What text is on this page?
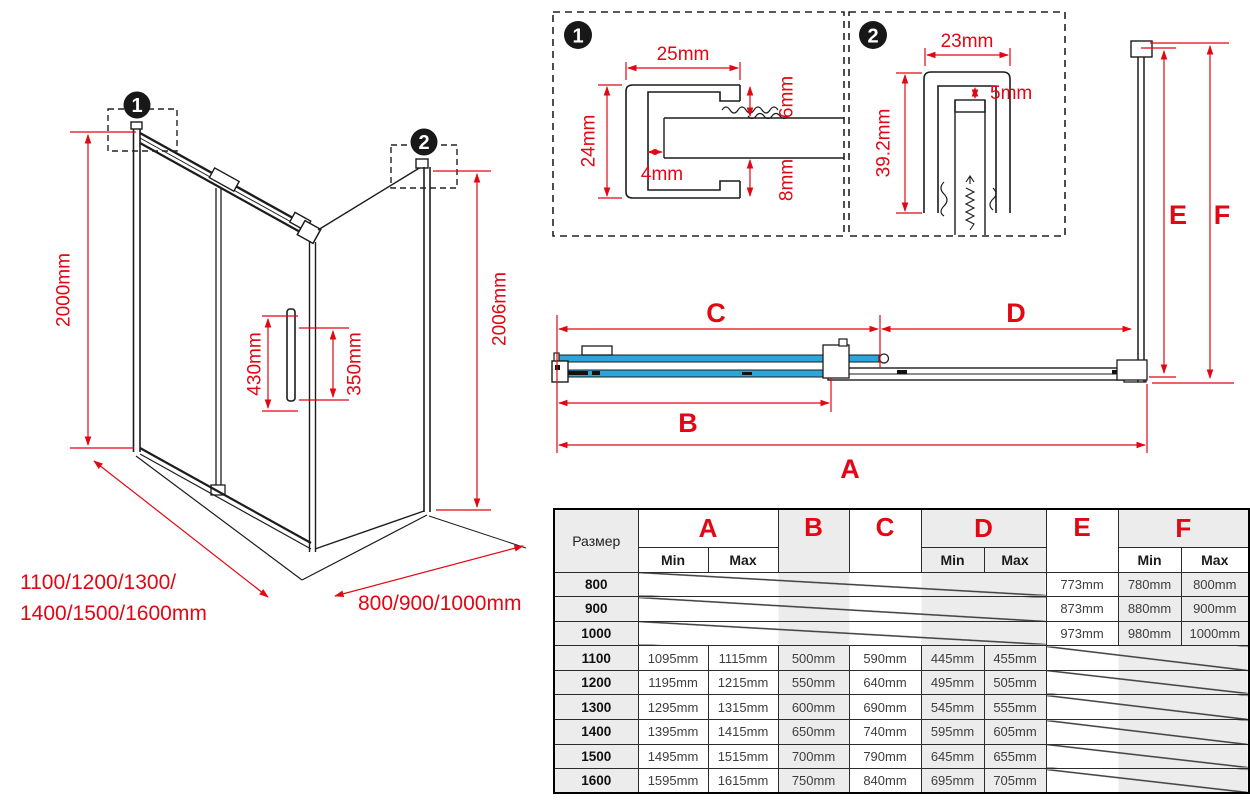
1
2
2000mm	2006mm
430mm	350mm
1100/1200/1300/
1400/1500/1600mm	800/900/1000mm
1
25mm
24mm
6mm
8mm
4mm
2	23mm
5mm
39.2mm
C	D
B
A
E F
Размер	A		B	C	D		E	F	
	Min	Max			Min	Max		Min	Max
800							773mm	780mm	800mm
900							873mm	880mm	900mm
1000							973mm	980mm	1000mm
1100	1095mm	1115mm	500mm	590mm	445mm	455mm			
1200	1195mm	1215mm	550mm	640mm	495mm	505mm			
1300	1295mm	1315mm	600mm	690mm	545mm	555mm			
1400	1395mm	1415mm	650mm	740mm	595mm	605mm			
1500	1495mm	1515mm	700mm	790mm	645mm	655mm			
1600	1595mm	1615mm	750mm	840mm	695mm	705mm			
